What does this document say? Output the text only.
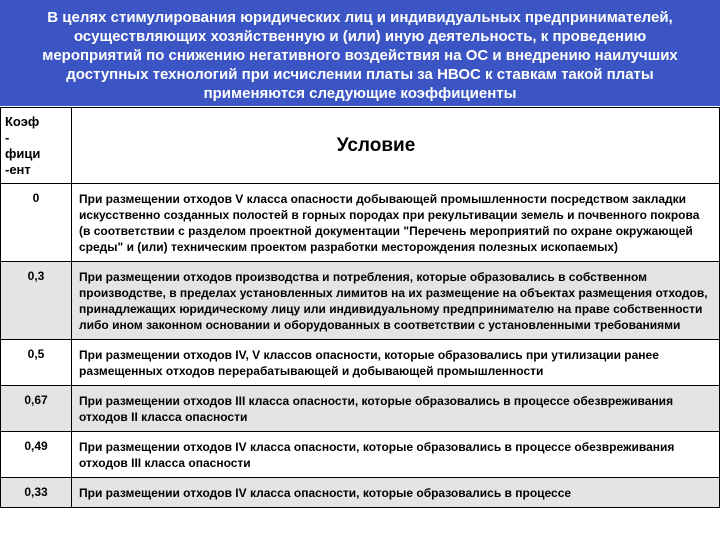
В целях стимулирования юридических лиц и индивидуальных предпринимателей,
осуществляющих хозяйственную и (или) иную деятельность, к проведению
мероприятий по снижению негативного воздействия на ОС и внедрению наилучших
доступных технологий при исчислении платы за НВОС к ставкам такой платы
применяются следующие коэффициенты
Коэф
-
фици
-ент	Условие
0	При размещении отходов V класса опасности добывающей промышленности посредством закладки искусственно созданных полостей в горных породах при рекультивации земель и почвенного покрова (в соответствии с разделом проектной документации "Перечень мероприятий по охране окружающей среды" и (или) техническим проектом разработки месторождения полезных ископаемых)
0,3	При размещении отходов производства и потребления, которые образовались в собственном производстве, в пределах установленных лимитов на их размещение на объектах размещения отходов, принадлежащих юридическому лицу или индивидуальному предпринимателю на праве собственности либо ином законном основании и оборудованных в соответствии с установленными требованиями
0,5	При размещении отходов IV, V классов опасности, которые образовались при утилизации ранее размещенных отходов перерабатывающей и добывающей промышленности
0,67	При размещении отходов III класса опасности, которые образовались в процессе обезвреживания отходов II класса опасности
0,49	При размещении отходов IV класса опасности, которые образовались в процессе обезвреживания отходов III класса опасности
0,33	При размещении отходов IV класса опасности, которые образовались в процессе
